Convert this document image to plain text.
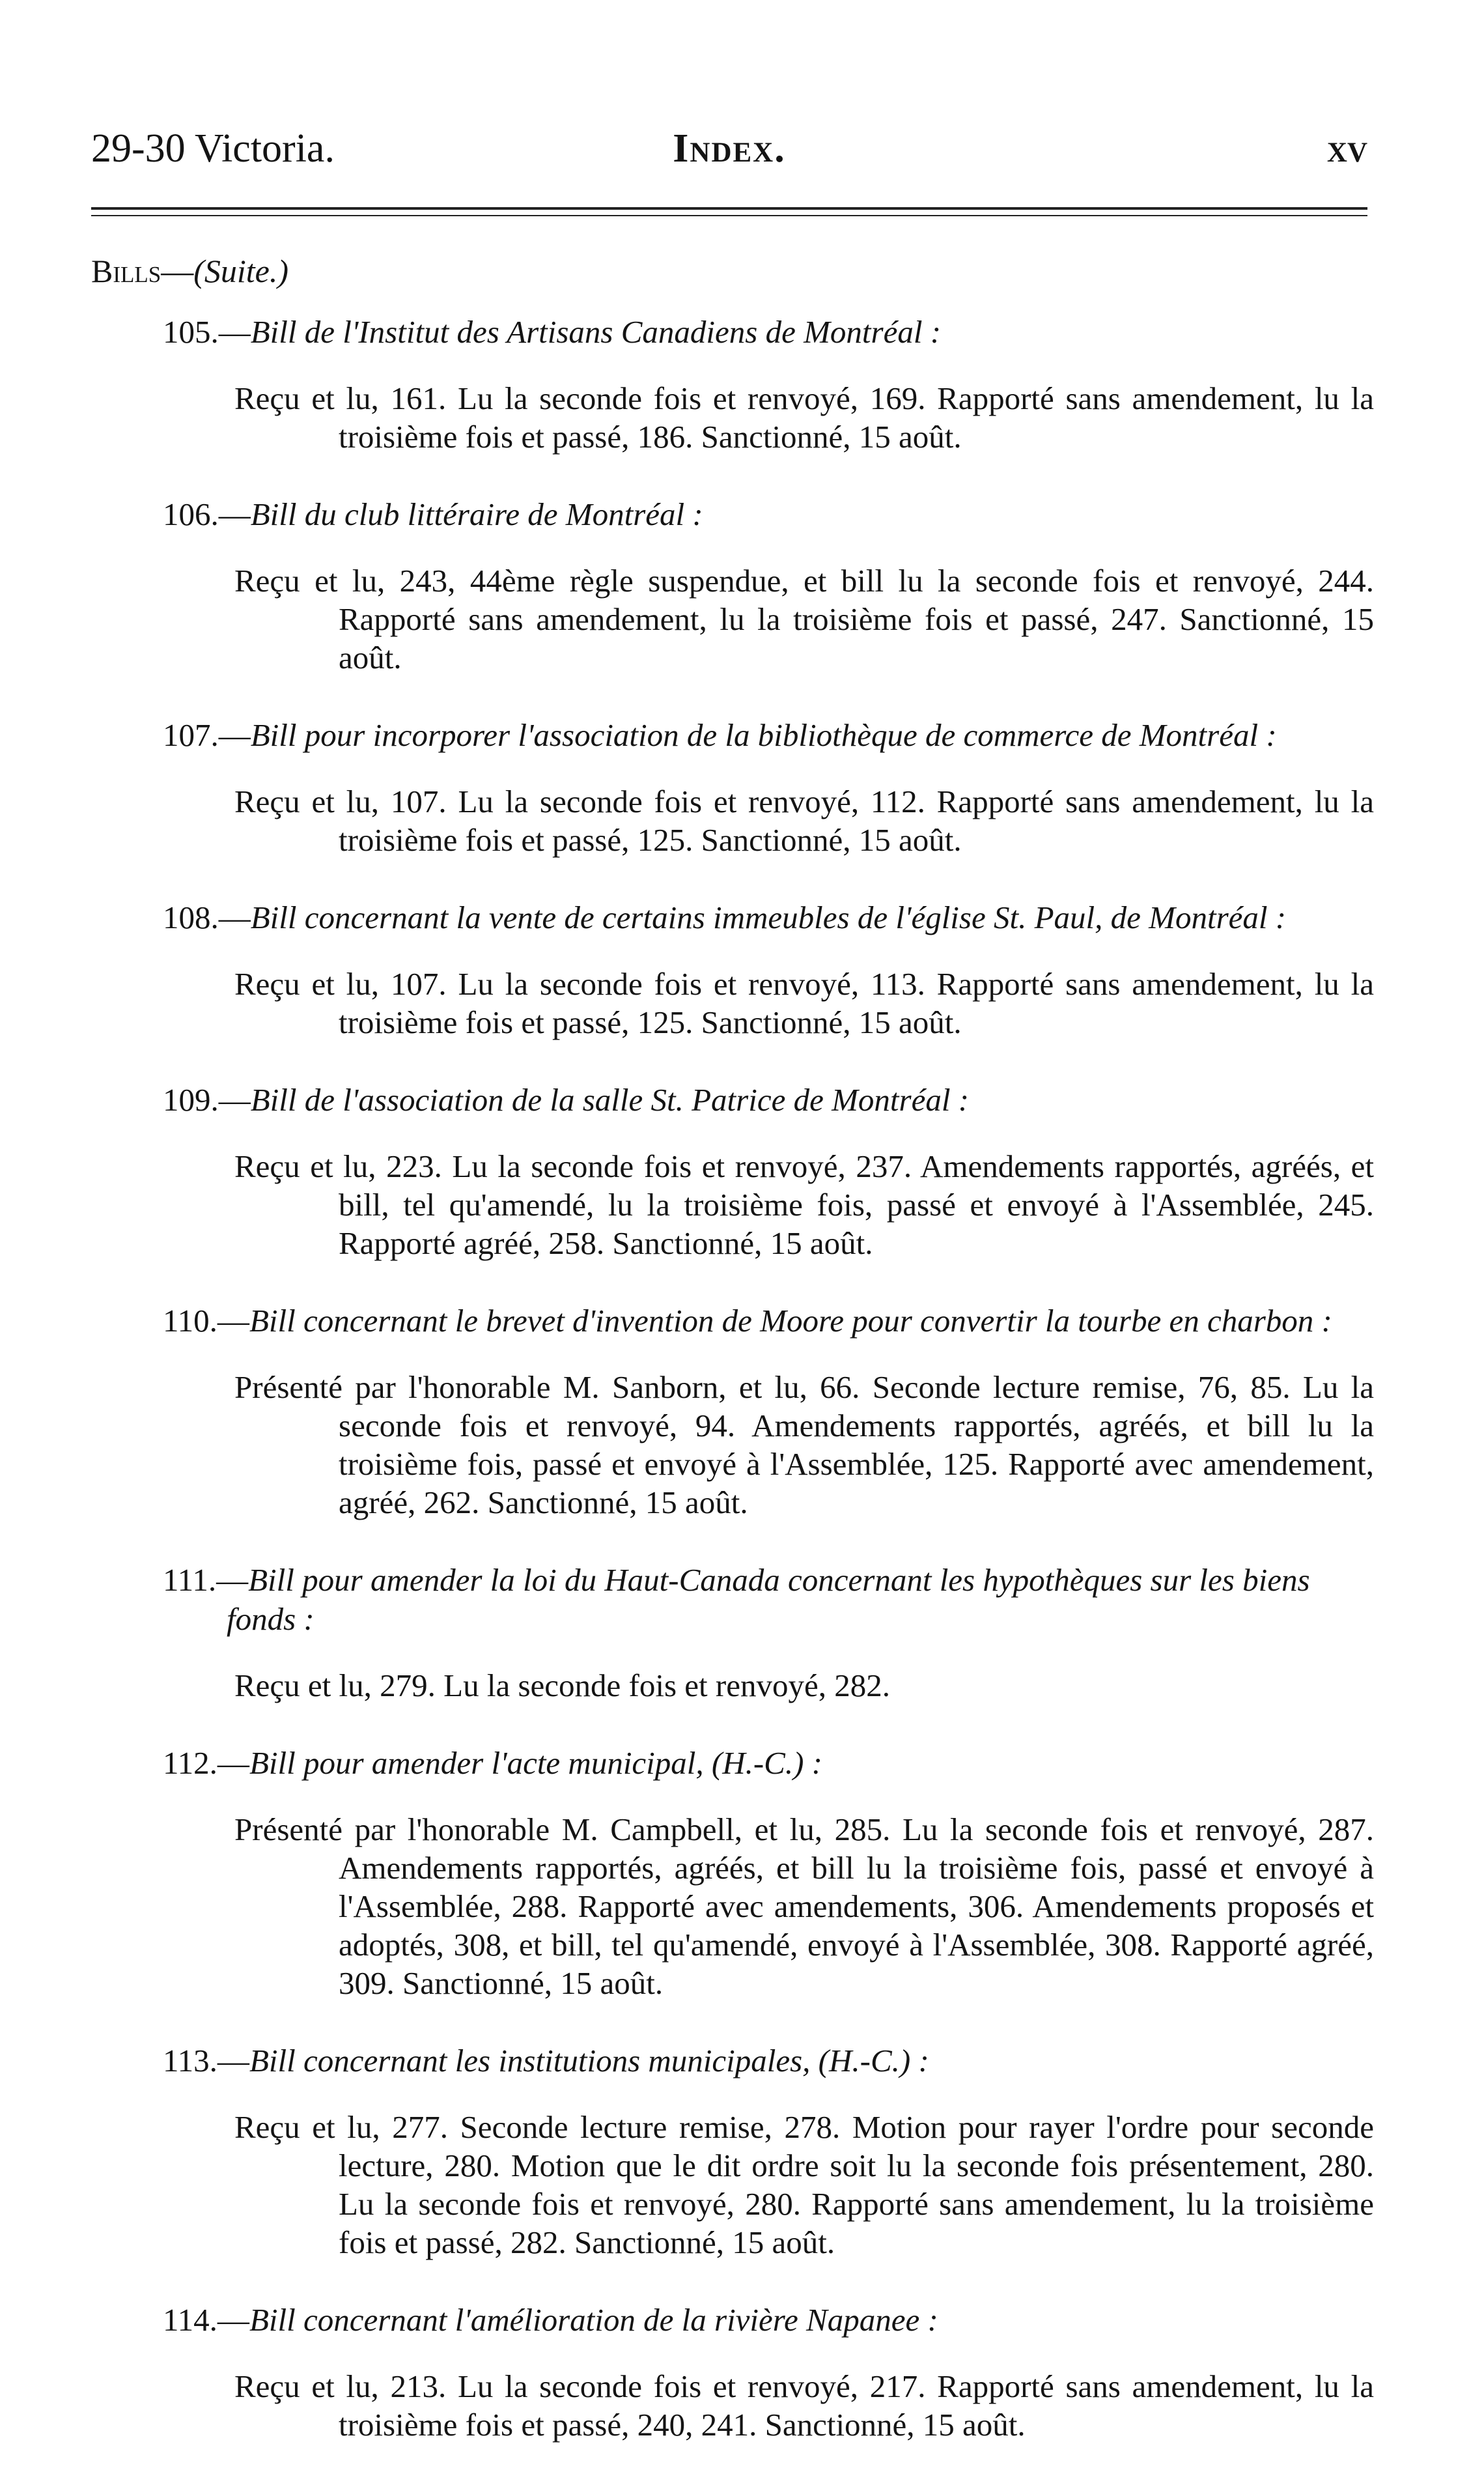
29-30 Victoria.	Index.	xv
Bills—(Suite.)

105.—Bill de l'Institut des Artisans Canadiens de Montréal :

Reçu et lu, 161. Lu la seconde fois et renvoyé, 169. Rapporté sans amendement, lu la troisième fois et passé, 186. Sanctionné, 15 août.

106.—Bill du club littéraire de Montréal :

Reçu et lu, 243, 44ème règle suspendue, et bill lu la seconde fois et renvoyé, 244. Rapporté sans amendement, lu la troisième fois et passé, 247. Sanctionné, 15 août.

107.—Bill pour incorporer l'association de la bibliothèque de commerce de Montréal :

Reçu et lu, 107. Lu la seconde fois et renvoyé, 112. Rapporté sans amendement, lu la troisième fois et passé, 125. Sanctionné, 15 août.

108.—Bill concernant la vente de certains immeubles de l'église St. Paul, de Montréal :

Reçu et lu, 107. Lu la seconde fois et renvoyé, 113. Rapporté sans amendement, lu la troisième fois et passé, 125. Sanctionné, 15 août.

109.—Bill de l'association de la salle St. Patrice de Montréal :

Reçu et lu, 223. Lu la seconde fois et renvoyé, 237. Amendements rapportés, agréés, et bill, tel qu'amendé, lu la troisième fois, passé et envoyé à l'Assemblée, 245. Rapporté agréé, 258. Sanctionné, 15 août.

110.—Bill concernant le brevet d'invention de Moore pour convertir la tourbe en charbon :

Présenté par l'honorable M. Sanborn, et lu, 66. Seconde lecture remise, 76, 85. Lu la seconde fois et renvoyé, 94. Amendements rapportés, agréés, et bill lu la troisième fois, passé et envoyé à l'Assemblée, 125. Rapporté avec amendement, agréé, 262. Sanctionné, 15 août.

111.—Bill pour amender la loi du Haut-Canada concernant les hypothèques sur les biens fonds :

Reçu et lu, 279. Lu la seconde fois et renvoyé, 282.

112.—Bill pour amender l'acte municipal, (H.-C.) :

Présenté par l'honorable M. Campbell, et lu, 285. Lu la seconde fois et renvoyé, 287. Amendements rapportés, agréés, et bill lu la troisième fois, passé et envoyé à l'Assemblée, 288. Rapporté avec amendements, 306. Amendements proposés et adoptés, 308, et bill, tel qu'amendé, envoyé à l'Assemblée, 308. Rapporté agréé, 309. Sanctionné, 15 août.

113.—Bill concernant les institutions municipales, (H.-C.) :

Reçu et lu, 277. Seconde lecture remise, 278. Motion pour rayer l'ordre pour seconde lecture, 280. Motion que le dit ordre soit lu la seconde fois présentement, 280. Lu la seconde fois et renvoyé, 280. Rapporté sans amendement, lu la troisième fois et passé, 282. Sanctionné, 15 août.

114.—Bill concernant l'amélioration de la rivière Napanee :

Reçu et lu, 213. Lu la seconde fois et renvoyé, 217. Rapporté sans amendement, lu la troisième fois et passé, 240, 241. Sanctionné, 15 août.
